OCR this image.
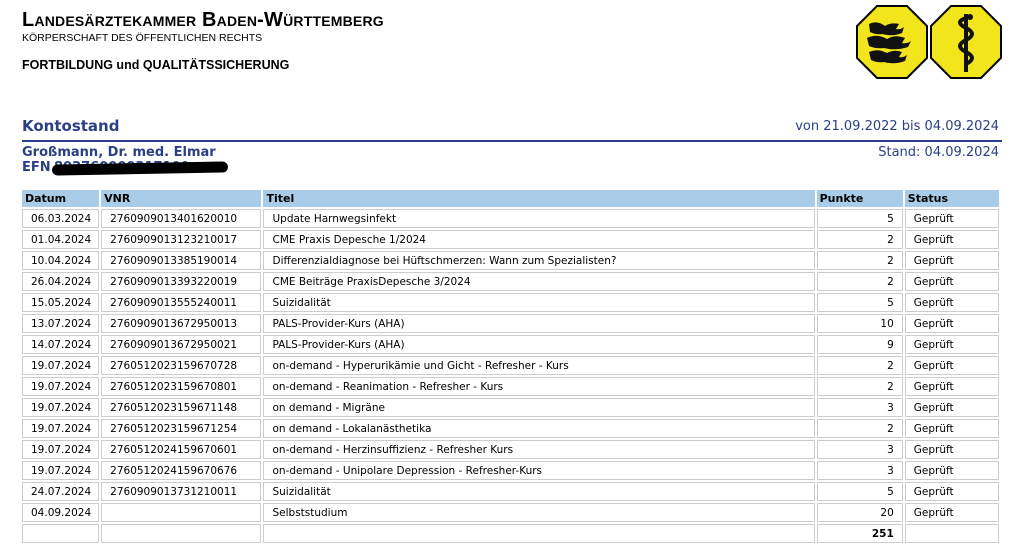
Landesärztekammer Baden-Württemberg
KÖRPERSCHAFT DES ÖFFENTLICHEN RECHTS
FORTBILDUNG und QUALITÄTSSICHERUNG
Kontostand	von 21.09.2022 bis 04.09.2024
Großmann, Dr. med. Elmar
EFN
Stand: 04.09.2024
Datum	VNR	Titel	Punkte	Status
06.03.2024	2760909013401620010	Update Harnwegsinfekt	5	Geprüft
01.04.2024	2760909013123210017	CME Praxis Depesche 1/2024	2	Geprüft
10.04.2024	2760909013385190014	Differenzialdiagnose bei Hüftschmerzen: Wann zum Spezialisten?	2	Geprüft
26.04.2024	2760909013393220019	CME Beiträge PraxisDepesche 3/2024	2	Geprüft
15.05.2024	2760909013555240011	Suizidalität	5	Geprüft
13.07.2024	2760909013672950013	PALS-Provider-Kurs (AHA)	10	Geprüft
14.07.2024	2760909013672950021	PALS-Provider-Kurs (AHA)	9	Geprüft
19.07.2024	2760512023159670728	on-demand - Hyperurikämie und Gicht - Refresher - Kurs	2	Geprüft
19.07.2024	2760512023159670801	on-demand - Reanimation - Refresher - Kurs	2	Geprüft
19.07.2024	2760512023159671148	on demand - Migräne	3	Geprüft
19.07.2024	2760512023159671254	on demand - Lokalanästhetika	2	Geprüft
19.07.2024	2760512024159670601	on-demand - Herzinsuffizienz - Refresher Kurs	3	Geprüft
19.07.2024	2760512024159670676	on-demand - Unipolare Depression - Refresher-Kurs	3	Geprüft
24.07.2024	2760909013731210011	Suizidalität	5	Geprüft
04.09.2024		Selbststudium	20	Geprüft
			251	
